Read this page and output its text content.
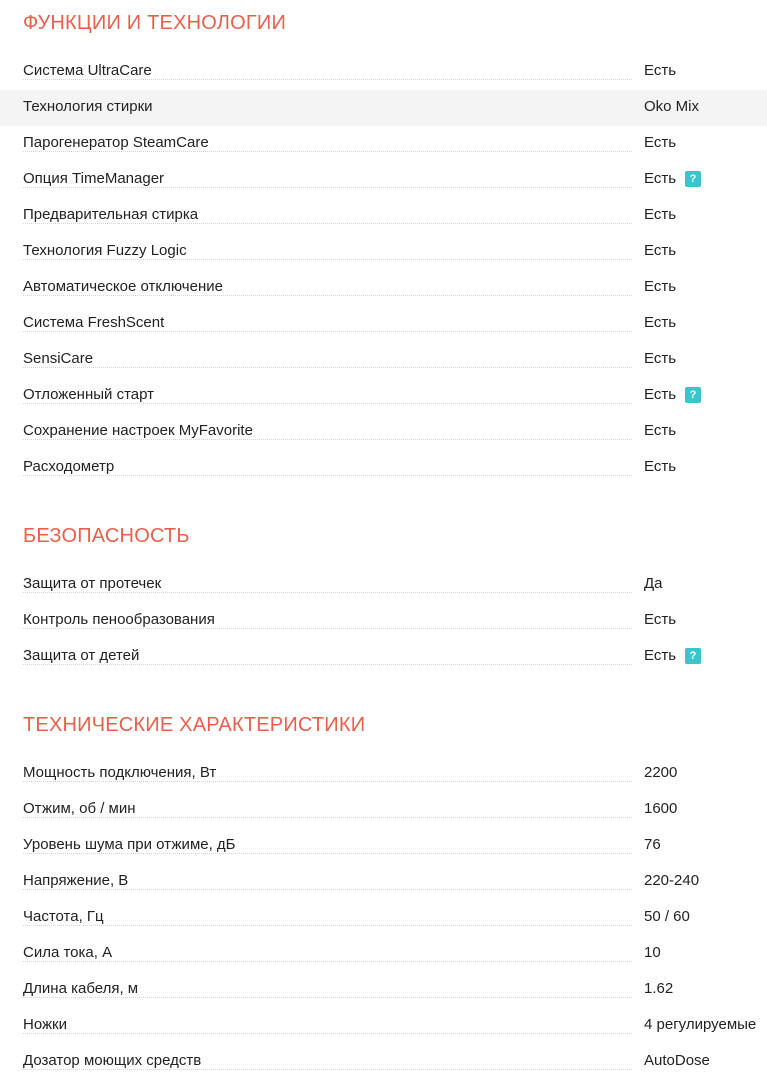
ФУНКЦИИ И ТЕХНОЛОГИИ
Система UltraCare	Есть
Технология стирки	Oko Mix
Парогенератор SteamCare	Есть
Опция TimeManager	Есть	?
Предварительная стирка	Есть
Технология Fuzzy Logic	Есть
Автоматическое отключение	Есть
Система FreshScent	Есть
SensiCare	Есть
Отложенный старт	Есть	?
Сохранение настроек MyFavorite	Есть
Расходометр	Есть
БЕЗОПАСНОСТЬ
Защита от протечек	Да
Контроль пенообразования	Есть
Защита от детей	Есть	?
ТЕХНИЧЕСКИЕ ХАРАКТЕРИСТИКИ
Мощность подключения, Вт	2200
Отжим, об / мин	1600
Уровень шума при отжиме, дБ	76
Напряжение, В	220-240
Частота, Гц	50 / 60
Сила тока, А	10
Длина кабеля, м	1.62
Ножки	4 регулируемые
Дозатор моющих средств	AutoDose
